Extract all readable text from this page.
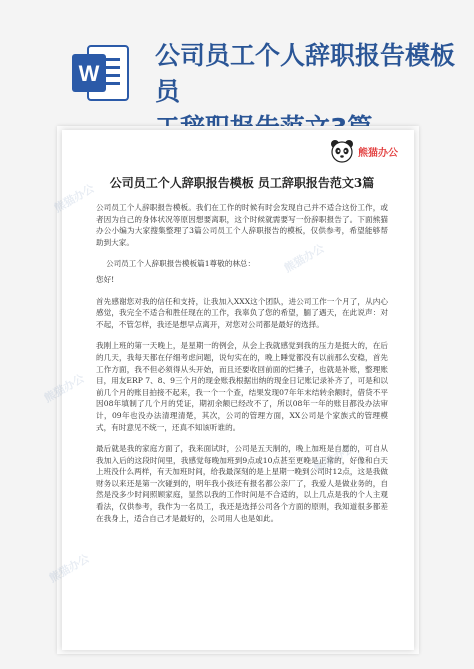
W
公司员工个人辞职报告模板员
熊猫办公
熊猫办公
熊猫办公
熊猫办公
熊猫办公
熊猫办公
公司员工个人辞职报告模板 员工辞职报告范文3篇

公司员工个人辞职报告模板。我们在工作的时候有时会发现自己并不适合这份工作，或者因为自己的身体状况等原因想要离职，这个时候就需要写一份辞职报告了。下面熊猫办公小编为大家搜集整理了3篇公司员工个人辞职报告的模板，仅供参考，希望能够帮助到大家。

公司员工个人辞职报告模板篇1尊敬的林总：

您好!

首先感谢您对我的信任和支持，让我加入XXX这个团队，进公司工作一个月了，从内心感觉，我完全不适合和胜任现在的工作，我辜负了您的希望，腼了遇天，在此说声：对不起，不管怎样，我还是想早点离开，对您对公司都是最好的选择。

我刚上班的第一天晚上，是星期一的例会，从会上我就感觉到我的压力是挺大的，在后的几天，我每天都在仔细考虑问题，说句实在的，晚上睡觉都没有以前那么安稳，首先工作方面，我不但必须得从头开始，而且还要收回前面的烂摊子，也就是补账，整理账目，用友ERP 7、8、9三个月的现金账我根据出纳的现金日记账记录补齐了，可是和以前几个月的账目拍接不起来，我一个一个查，结果发现07年年末结转余额时，借贷不平因08年填制了几个月的凭证，期初余额已经改不了，所以08年一年的账目都没办法审计，09年也没办法清理清楚，其次，公司的管理方面，XX公司是个家族式的管理模式，有时意见不统一，还真不知该听谁的。

最后就是我的家庭方面了，我来面试时，公司是五天制的，晚上加班是自愿的，可自从我加入后的这段时间里，我感觉每晚加班到9点或10点甚至更晚是正常的，好像和白天上班没什么两样，有天加班时间，给我最深刻的是上星期一晚到公司时12点，这是我做财务以来还是第一次碰到的，明年我小孩还有报名都公亲厂了，我爱人是做业务的，自然是没多少时间照顾家庭，显然以我的工作时间是不合适的，以上几点是我的个人主观看法，仅供参考，我作为一名员工，我还是选择公司各个方面的原则，我知道很多都差在我身上，适合自己才是最好的，公司用人也是如此。
